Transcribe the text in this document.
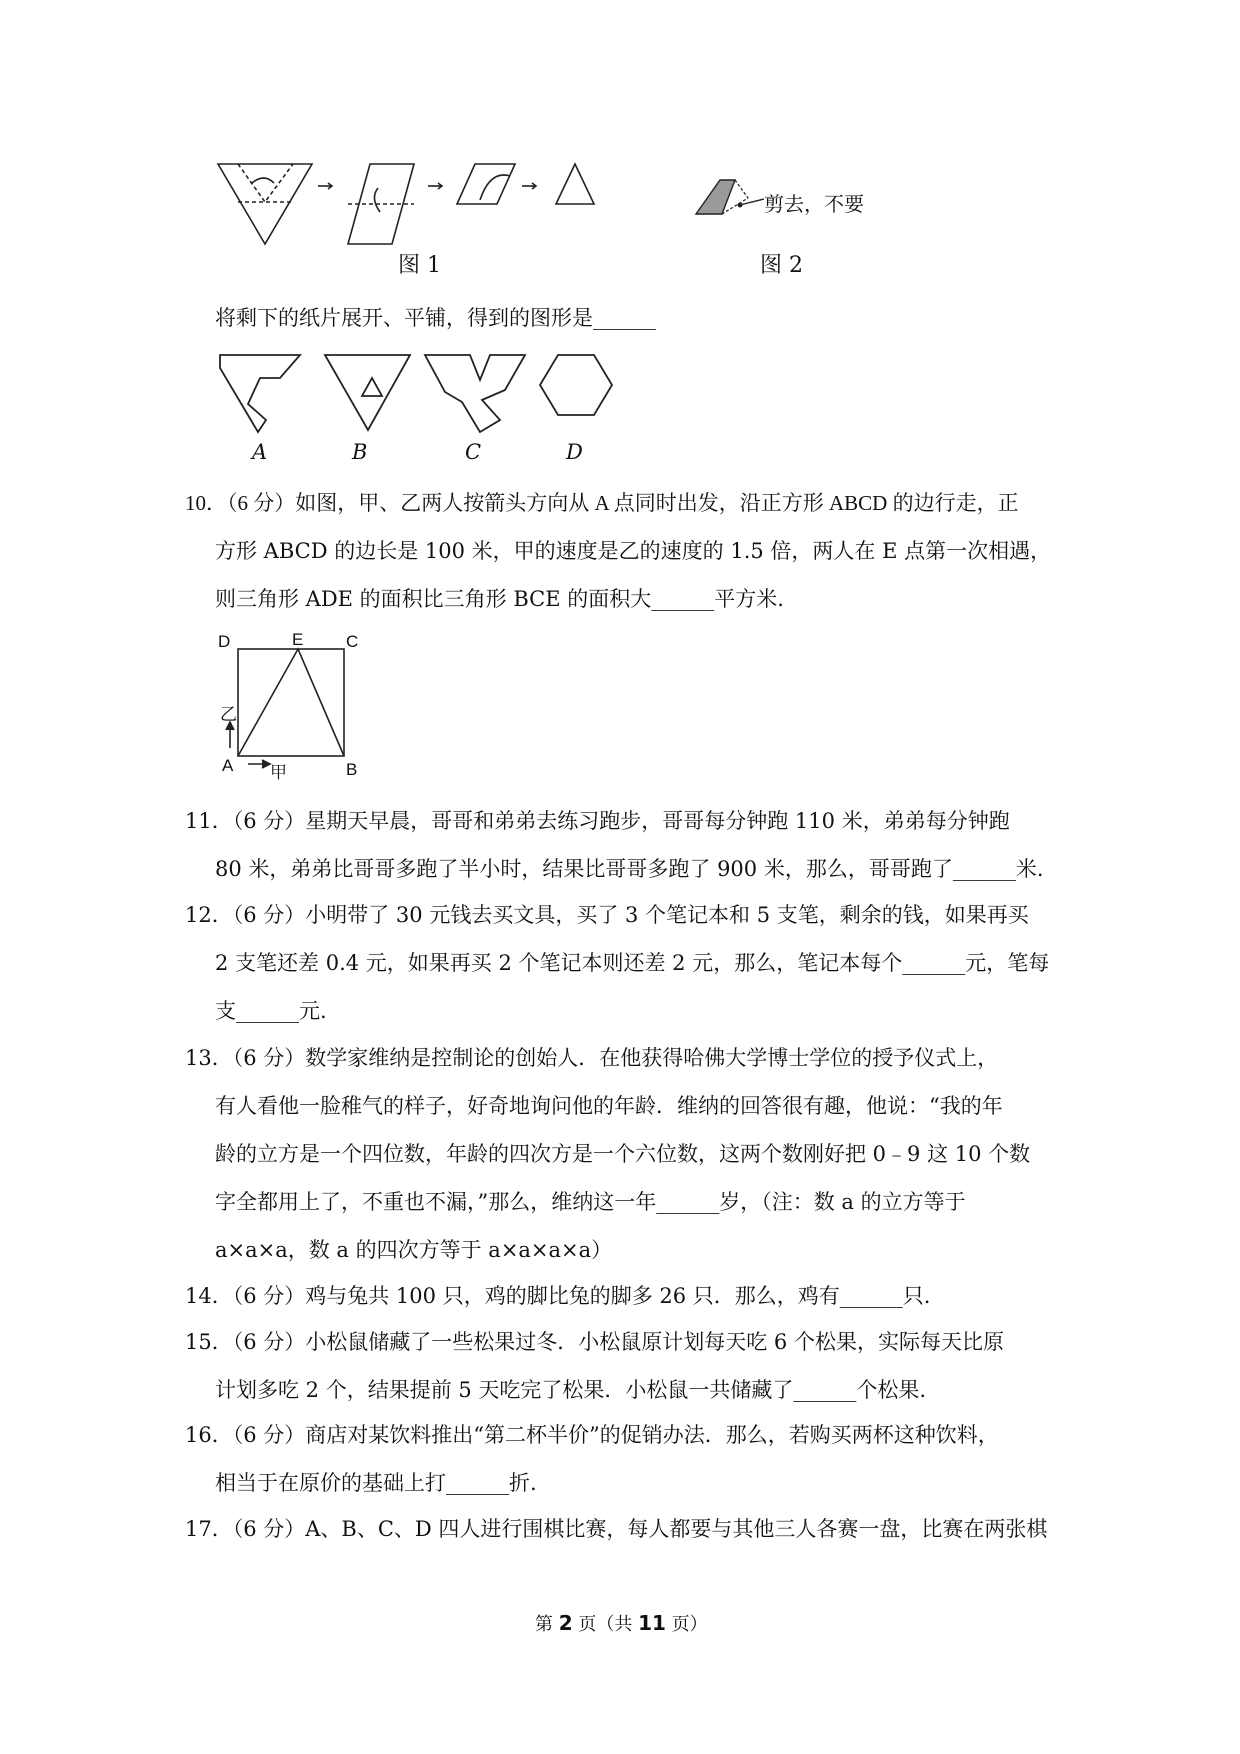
图 1	图 2
剪去，不要
将剩下的纸片展开、平铺，得到的图形是______
A	B	C	D
10．（6 分）如图，甲、乙两人按箭头方向从 A 点同时出发，沿正方形 ABCD 的边行走，正
方形 ABCD 的边长是 100 米，甲的速度是乙的速度的 1.5 倍，两人在 E 点第一次相遇，
则三角形 ADE 的面积比三角形 BCE 的面积大______平方米.
D	E	C
乙
A 甲	B
11．（6 分）星期天早晨，哥哥和弟弟去练习跑步，哥哥每分钟跑 110 米，弟弟每分钟跑
80 米，弟弟比哥哥多跑了半小时，结果比哥哥多跑了 900 米，那么，哥哥跑了______米.
12．（6 分）小明带了 30 元钱去买文具，买了 3 个笔记本和 5 支笔，剩余的钱，如果再买
2 支笔还差 0.4 元，如果再买 2 个笔记本则还差 2 元，那么，笔记本每个______元，笔每
支______元.
13．（6 分）数学家维纳是控制论的创始人．在他获得哈佛大学博士学位的授予仪式上，
有人看他一脸稚气的样子，好奇地询问他的年龄．维纳的回答很有趣，他说：“我的年
龄的立方是一个四位数，年龄的四次方是一个六位数，这两个数刚好把 0﹣9 这 10 个数
字全都用上了，不重也不漏，”那么，维纳这一年______岁，（注：数 a 的立方等于
a×a×a，数 a 的四次方等于 a×a×a×a）
14．（6 分）鸡与兔共 100 只，鸡的脚比兔的脚多 26 只．那么，鸡有______只.
15．（6 分）小松鼠储藏了一些松果过冬．小松鼠原计划每天吃 6 个松果，实际每天比原
计划多吃 2 个，结果提前 5 天吃完了松果．小松鼠一共储藏了______个松果.
16．（6 分）商店对某饮料推出“第二杯半价”的促销办法．那么，若购买两杯这种饮料，
相当于在原价的基础上打______折.
17．（6 分）A、B、C、D 四人进行围棋比赛，每人都要与其他三人各赛一盘，比赛在两张棋
第 2 页（共 11 页）
